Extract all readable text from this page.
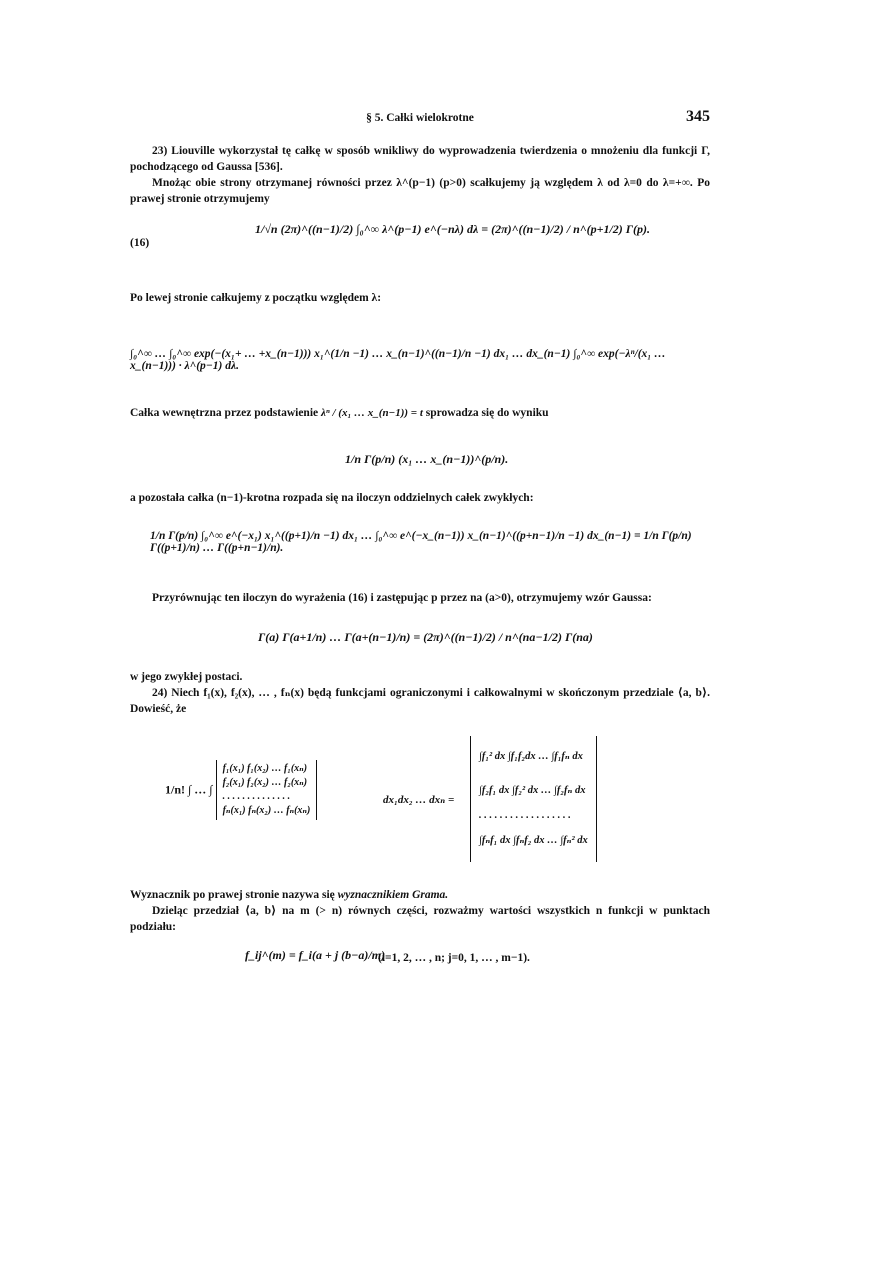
§ 5. Całki wielokrotne	345

23) Liouville wykorzystał tę całkę w sposób wnikliwy do wyprowadzenia twierdzenia o mnożeniu dla funkcji Γ, pochodzącego od Gaussa [536].

Mnożąc obie strony otrzymanej równości przez λ^(p−1) (p>0) scałkujemy ją względem λ od λ=0 do λ=+∞. Po prawej stronie otrzymujemy

(16)
1/√n (2π)^((n−1)/2) ∫₀^∞ λ^(p−1) e^(−nλ) dλ = (2π)^((n−1)/2) / n^(p+1/2) Γ(p).

Po lewej stronie całkujemy z początku względem λ:

∫₀^∞ … ∫₀^∞ exp(−(x₁+ … +x_(n−1))) x₁^(1/n −1) … x_(n−1)^((n−1)/n −1) dx₁ … dx_(n−1) ∫₀^∞ exp(−λⁿ/(x₁ … x_(n−1))) · λ^(p−1) dλ.

Całka wewnętrzna przez podstawienie λⁿ / (x₁ … x_(n−1)) = t sprowadza się do wyniku

1/n Γ(p/n) (x₁ … x_(n−1))^(p/n).

a pozostała całka (n−1)-krotna rozpada się na iloczyn oddzielnych całek zwykłych:

1/n Γ(p/n) ∫₀^∞ e^(−x₁) x₁^((p+1)/n −1) dx₁ … ∫₀^∞ e^(−x_(n−1)) x_(n−1)^((p+n−1)/n −1) dx_(n−1) = 1/n Γ(p/n) Γ((p+1)/n) … Γ((p+n−1)/n).

Przyrównując ten iloczyn do wyrażenia (16) i zastępując p przez na (a>0), otrzymujemy wzór Gaussa:

Γ(a) Γ(a+1/n) … Γ(a+(n−1)/n) = (2π)^((n−1)/2) / n^(na−1/2) Γ(na)

w jego zwykłej postaci.

24) Niech f₁(x), f₂(x), … , fₙ(x) będą funkcjami ograniczonymi i całkowalnymi w skończonym przedziale ⟨a, b⟩. Dowieść, że

1/n! ∫ … ∫
f₁(x₁) f₁(x₂) … f₁(xₙ)
f₂(x₁) f₂(x₂) … f₂(xₙ)
. . . . . . . . . . . . . .
fₙ(x₁) fₙ(x₂) … fₙ(xₙ)
dx₁dx₂ … dxₙ =
∫f₁² dx ∫f₁f₂dx … ∫f₁fₙ dx
∫f₂f₁ dx ∫f₂² dx … ∫f₂fₙ dx
. . . . . . . . . . . . . . . . . .
∫fₙf₁ dx ∫fₙf₂ dx … ∫fₙ² dx

Wyznacznik po prawej stronie nazywa się wyznacznikiem Grama.

Dzieląc przedział ⟨a, b⟩ na m (> n) równych części, rozważmy wartości wszystkich n funkcji w punktach podziału:

f_ij^(m) = f_i(a + j (b−a)/m)
(i=1, 2, … , n; j=0, 1, … , m−1).
